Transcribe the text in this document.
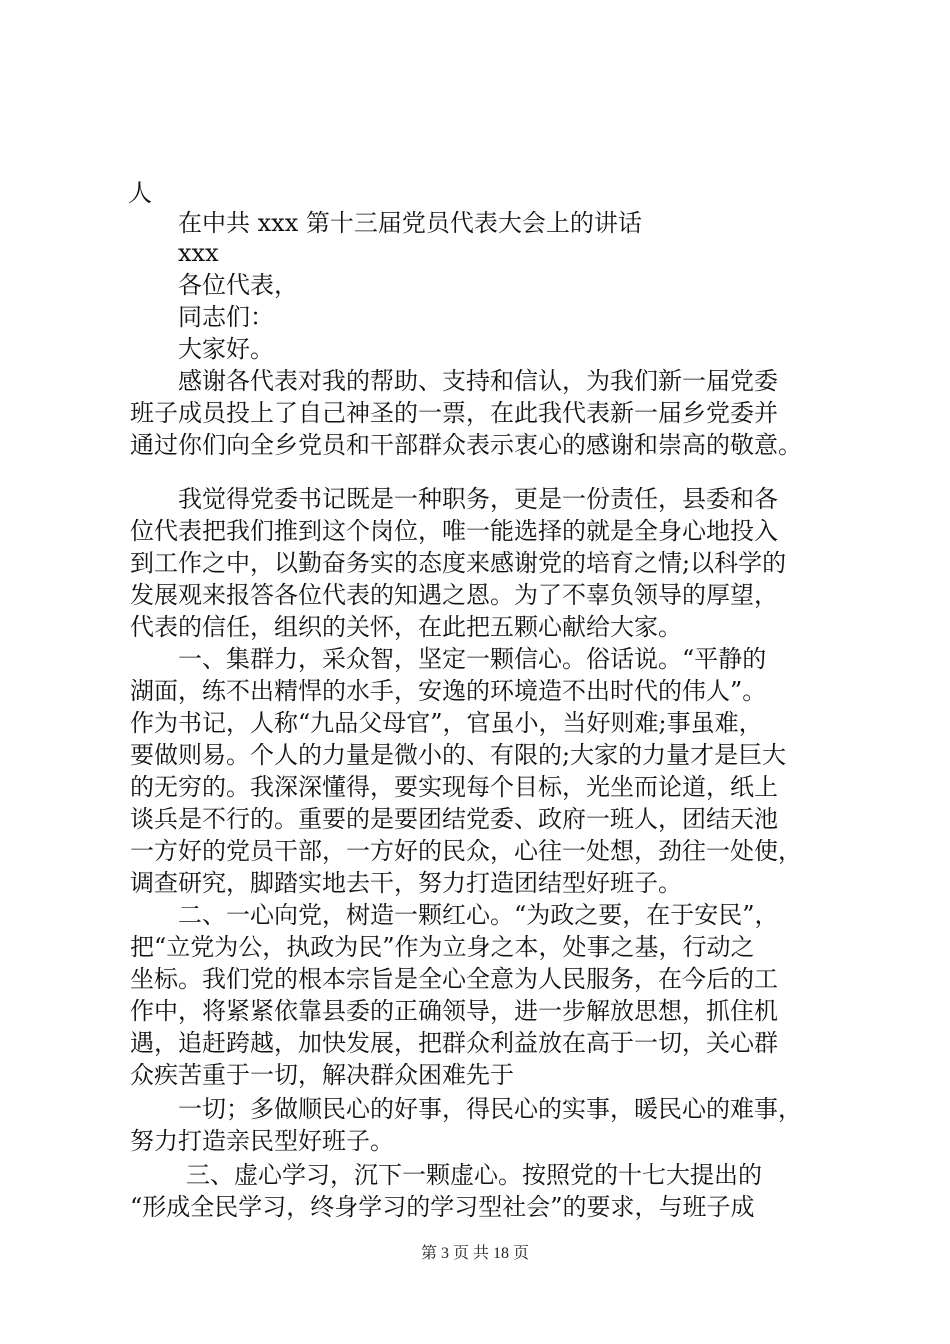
人
在中共 xxx 第十三届党员代表大会上的讲话
xxx
各位代表，
同志们：
大家好。
感谢各代表对我的帮助、支持和信认，为我们新一届党委
班子成员投上了自己神圣的一票，在此我代表新一届乡党委并
通过你们向全乡党员和干部群众表示衷心的感谢和崇高的敬意。
我觉得党委书记既是一种职务，更是一份责任，县委和各
位代表把我们推到这个岗位，唯一能选择的就是全身心地投入
到工作之中，以勤奋务实的态度来感谢党的培育之情;以科学的
发展观来报答各位代表的知遇之恩。为了不辜负领导的厚望，
代表的信任，组织的关怀，在此把五颗心献给大家。
一、集群力，采众智，坚定一颗信心。俗话说。“平静的
湖面，练不出精悍的水手，安逸的环境造不出时代的伟人”。
作为书记，人称“九品父母官”，官虽小，当好则难;事虽难，
要做则易。个人的力量是微小的、有限的;大家的力量才是巨大
的无穷的。我深深懂得，要实现每个目标，光坐而论道，纸上
谈兵是不行的。重要的是要团结党委、政府一班人，团结天池
一方好的党员干部，一方好的民众，心往一处想，劲往一处使，
调查研究，脚踏实地去干，努力打造团结型好班子。
二、一心向党，树造一颗红心。“为政之要，在于安民”，
把“立党为公，执政为民”作为立身之本，处事之基，行动之
坐标。我们党的根本宗旨是全心全意为人民服务，在今后的工
作中，将紧紧依靠县委的正确领导，进一步解放思想，抓住机
遇，追赶跨越，加快发展，把群众利益放在高于一切，关心群
众疾苦重于一切，解决群众困难先于
一切；多做顺民心的好事，得民心的实事，暖民心的难事，
努力打造亲民型好班子。
三、虚心学习，沉下一颗虚心。按照党的十七大提出的
“形成全民学习，终身学习的学习型社会”的要求，与班子成
第 3 页 共 18 页
